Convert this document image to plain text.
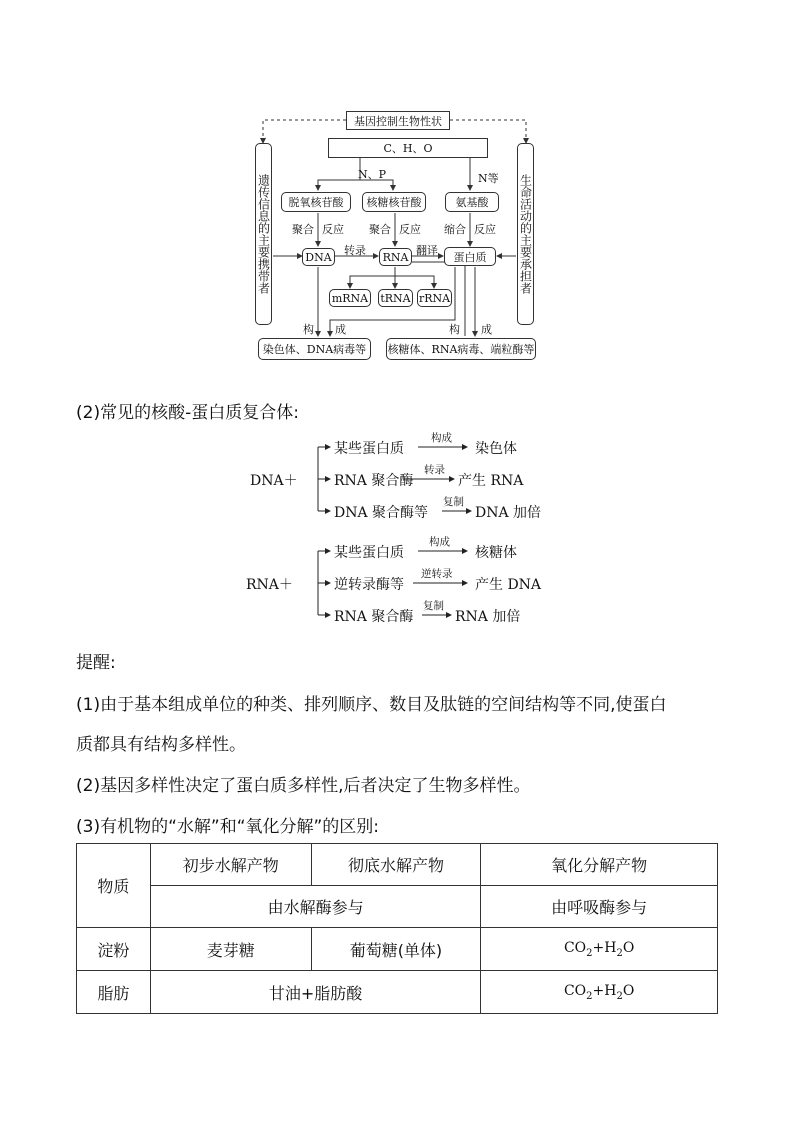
基因控制生物性状
C、H、O
遗传信息的主要携带者	生命活动的主要承担者
N、P	N等
脱氧核苷酸	核糖核苷酸	氨基酸
聚合 反应 聚合 反应 缩合 反应
DNA	RNA	蛋白质
转录	翻译
mRNA tRNA rRNA
构 成	构 成
染色体、DNA病毒等	核糖体、RNA病毒、端粒酶等
(2)常见的核酸-蛋白质复合体:
DNA＋
某些蛋白质
构成
染色体
RNA 聚合酶
转录
产生 RNA
DNA 聚合酶等
复制
DNA 加倍
RNA＋
某些蛋白质
构成
核糖体
逆转录酶等
逆转录
产生 DNA
RNA 聚合酶
复制
RNA 加倍
提醒:
(1)由于基本组成单位的种类、排列顺序、数目及肽链的空间结构等不同,使蛋白
质都具有结构多样性。
(2)基因多样性决定了蛋白质多样性,后者决定了生物多样性。
(3)有机物的“水解”和“氧化分解”的区别:
物质	初步水解产物	彻底水解产物	氧化分解产物
	由水解酶参与		由呼吸酶参与
淀粉	麦芽糖	葡萄糖(单体)	$CO_2+H_2O$
脂肪	甘油+脂肪酸		$CO_2+H_2O$
